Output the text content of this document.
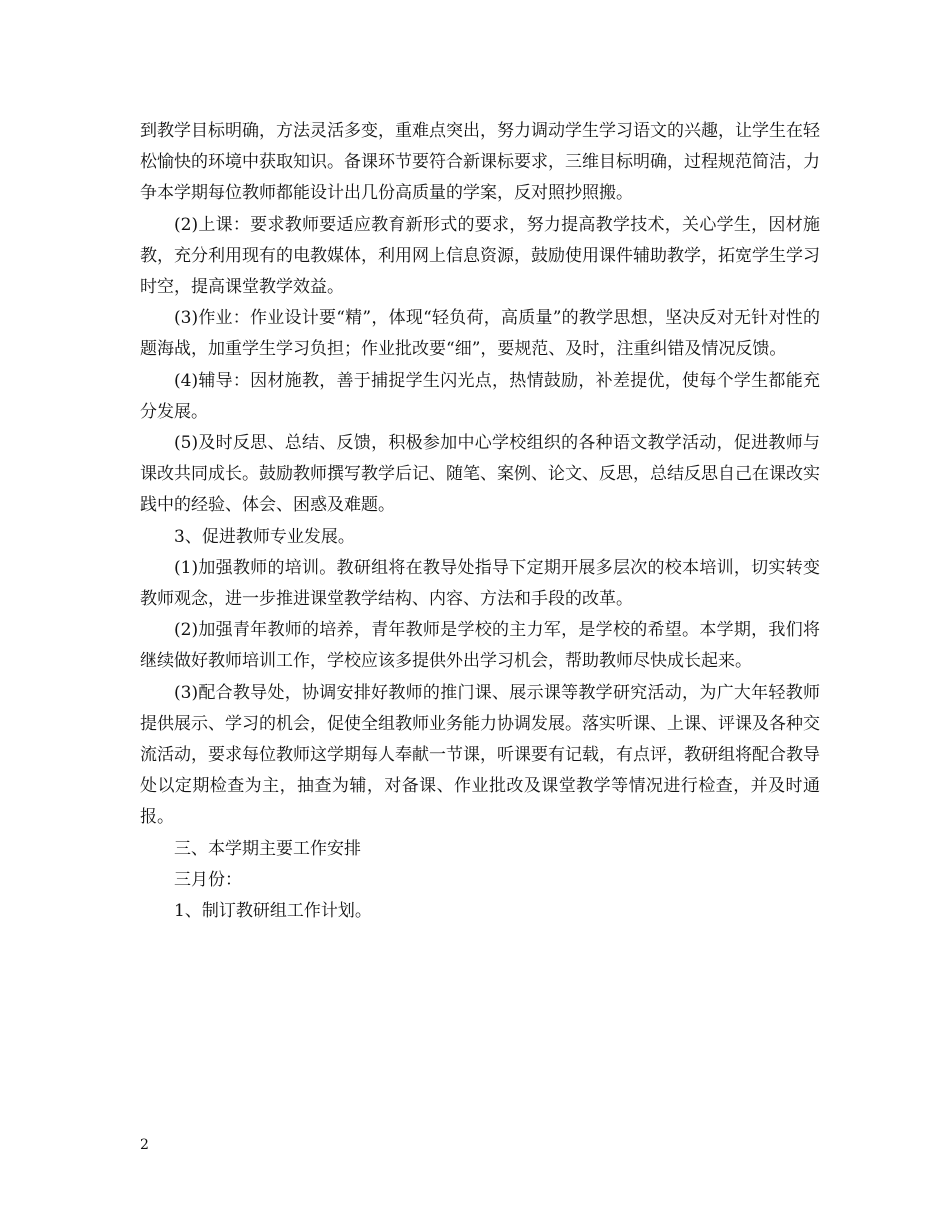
到教学目标明确，方法灵活多变，重难点突出，努力调动学生学习语文的兴趣，让学生在轻松愉快的环境中获取知识。备课环节要符合新课标要求，三维目标明确，过程规范简洁，力争本学期每位教师都能设计出几份高质量的学案，反对照抄照搬。

(2)上课：要求教师要适应教育新形式的要求，努力提高教学技术，关心学生，因材施教，充分利用现有的电教媒体，利用网上信息资源，鼓励使用课件辅助教学，拓宽学生学习时空，提高课堂教学效益。

(3)作业：作业设计要“精”，体现“轻负荷，高质量”的教学思想，坚决反对无针对性的题海战，加重学生学习负担；作业批改要“细”，要规范、及时，注重纠错及情况反馈。

(4)辅导：因材施教，善于捕捉学生闪光点，热情鼓励，补差提优，使每个学生都能充分发展。

(5)及时反思、总结、反馈，积极参加中心学校组织的各种语文教学活动，促进教师与课改共同成长。鼓励教师撰写教学后记、随笔、案例、论文、反思，总结反思自己在课改实践中的经验、体会、困惑及难题。

3、促进教师专业发展。

(1)加强教师的培训。教研组将在教导处指导下定期开展多层次的校本培训，切实转变教师观念，进一步推进课堂教学结构、内容、方法和手段的改革。

(2)加强青年教师的培养，青年教师是学校的主力军，是学校的希望。本学期，我们将继续做好教师培训工作，学校应该多提供外出学习机会，帮助教师尽快成长起来。

(3)配合教导处，协调安排好教师的推门课、展示课等教学研究活动，为广大年轻教师提供展示、学习的机会，促使全组教师业务能力协调发展。落实听课、上课、评课及各种交流活动，要求每位教师这学期每人奉献一节课，听课要有记载，有点评，教研组将配合教导处以定期检查为主，抽查为辅，对备课、作业批改及课堂教学等情况进行检查，并及时通报。

三、本学期主要工作安排

三月份：

1、制订教研组工作计划。

2
